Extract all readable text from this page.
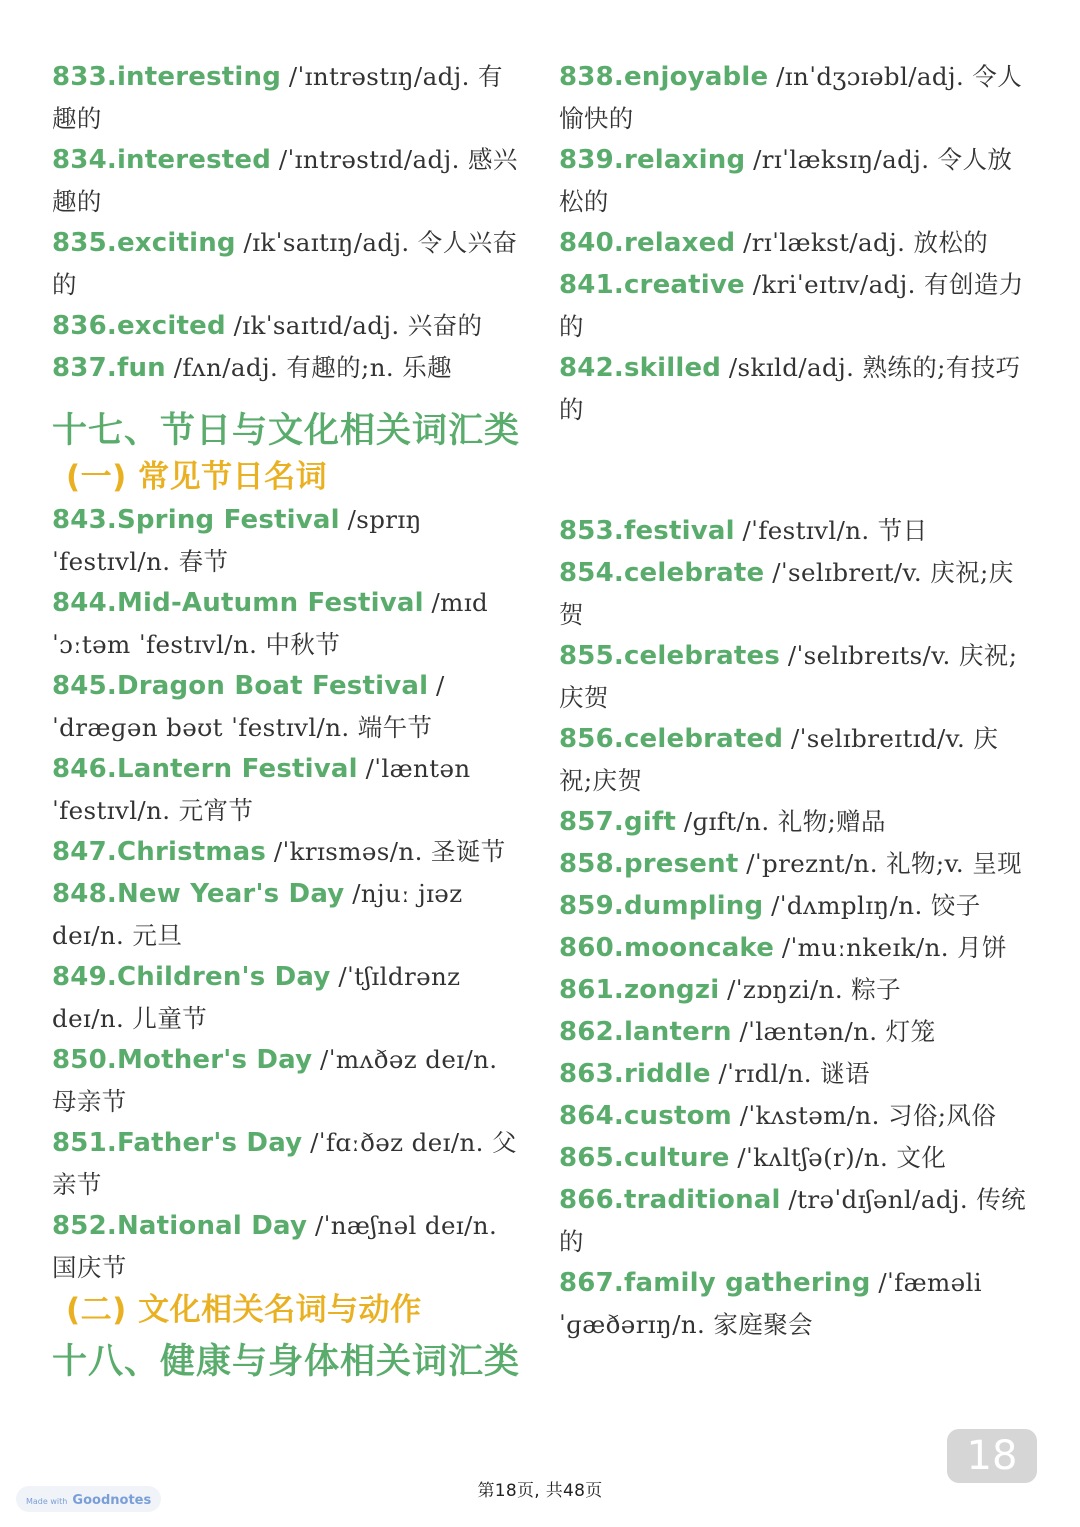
833.interesting /ˈɪntrəstɪŋ/adj. 有趣的
834.interested /ˈɪntrəstɪd/adj. 感兴趣的
835.exciting /ɪkˈsaɪtɪŋ/adj. 令人兴奋的
836.excited /ɪkˈsaɪtɪd/adj. 兴奋的
837.fun /fʌn/adj. 有趣的;n. 乐趣
十七、节日与文化相关词汇类
(一) 常见节日名词
843.Spring Festival /sprɪŋ ˈfestɪvl/n. 春节
844.Mid-Autumn Festival /mɪd ˈɔːtəm ˈfestɪvl/n. 中秋节
845.Dragon Boat Festival /ˈdræɡən bəʊt ˈfestɪvl/n. 端午节
846.Lantern Festival /ˈlæntən ˈfestɪvl/n. 元宵节
847.Christmas /ˈkrɪsməs/n. 圣诞节
848.New Year's Day /njuː jɪəz deɪ/n. 元旦
849.Children's Day /ˈtʃɪldrənz deɪ/n. 儿童节
850.Mother's Day /ˈmʌðəz deɪ/n. 母亲节
851.Father's Day /ˈfɑːðəz deɪ/n. 父亲节
852.National Day /ˈnæʃnəl deɪ/n. 国庆节
(二) 文化相关名词与动作
十八、健康与身体相关词汇类
838.enjoyable /ɪnˈdʒɔɪəbl/adj. 令人愉快的
839.relaxing /rɪˈlæksɪŋ/adj. 令人放松的
840.relaxed /rɪˈlækst/adj. 放松的
841.creative /kriˈeɪtɪv/adj. 有创造力的
842.skilled /skɪld/adj. 熟练的;有技巧的
853.festival /ˈfestɪvl/n. 节日
854.celebrate /ˈselɪbreɪt/v. 庆祝;庆贺
855.celebrates /ˈselɪbreɪts/v. 庆祝;庆贺
856.celebrated /ˈselɪbreɪtɪd/v. 庆祝;庆贺
857.gift /ɡɪft/n. 礼物;赠品
858.present /ˈpreznt/n. 礼物;v. 呈现
859.dumpling /ˈdʌmplɪŋ/n. 饺子
860.mooncake /ˈmuːnkeɪk/n. 月饼
861.zongzi /ˈzɒŋzi/n. 粽子
862.lantern /ˈlæntən/n. 灯笼
863.riddle /ˈrɪdl/n. 谜语
864.custom /ˈkʌstəm/n. 习俗;风俗
865.culture /ˈkʌltʃə(r)/n. 文化
866.traditional /trəˈdɪʃənl/adj. 传统的
867.family gathering /ˈfæməli ˈɡæðərɪŋ/n. 家庭聚会
18
第18页, 共48页
Made with Goodnotes
